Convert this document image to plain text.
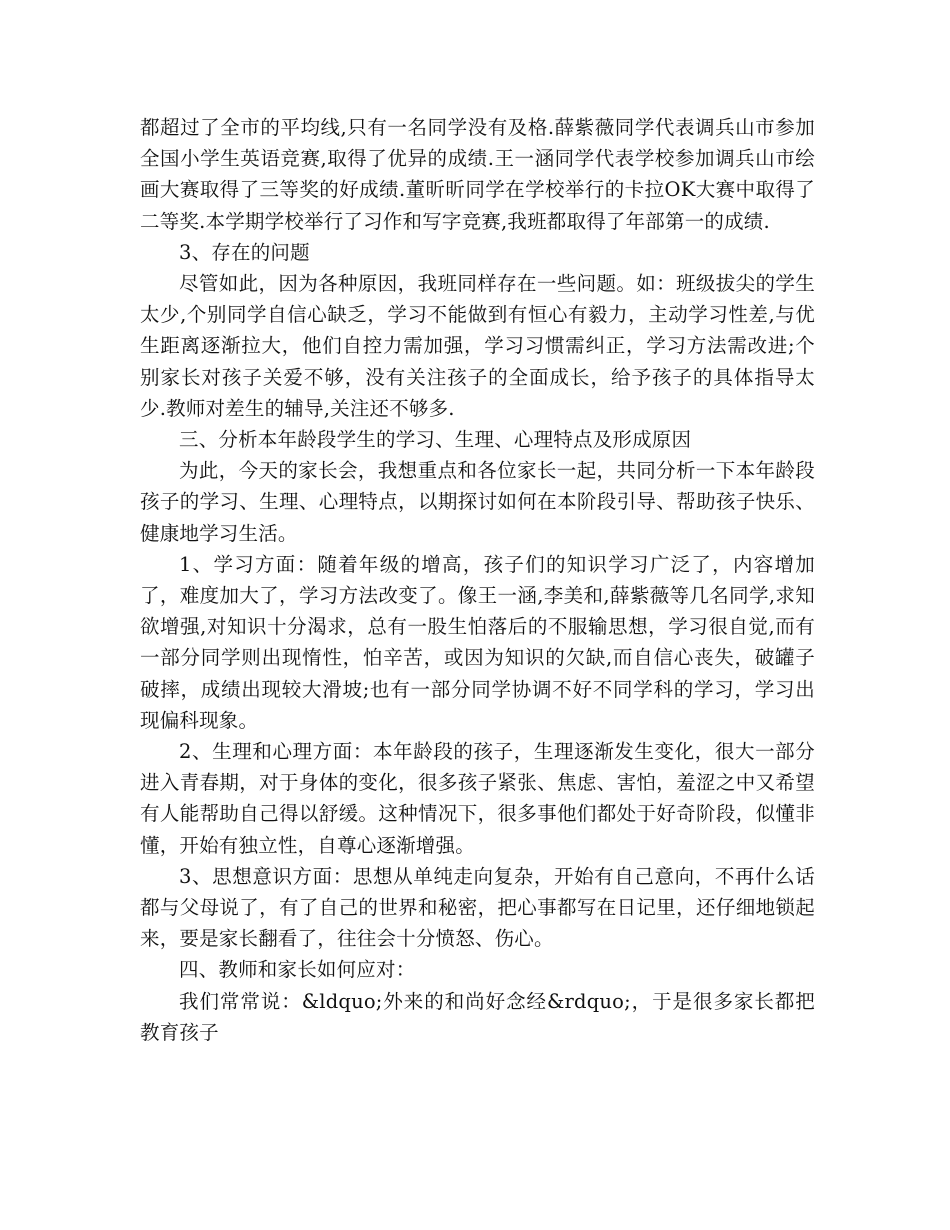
都超过了全市的平均线,只有一名同学没有及格.薛紫薇同学代表调兵山市参加全国小学生英语竞赛,取得了优异的成绩.王一涵同学代表学校参加调兵山市绘画大赛取得了三等奖的好成绩.董昕昕同学在学校举行的卡拉OK大赛中取得了二等奖.本学期学校举行了习作和写字竞赛,我班都取得了年部第一的成绩.

3、存在的问题

尽管如此，因为各种原因，我班同样存在一些问题。如：班级拔尖的学生太少,个别同学自信心缺乏，学习不能做到有恒心有毅力，主动学习性差,与优生距离逐渐拉大，他们自控力需加强，学习习惯需纠正，学习方法需改进;个别家长对孩子关爱不够，没有关注孩子的全面成长，给予孩子的具体指导太少.教师对差生的辅导,关注还不够多.

三、分析本年龄段学生的学习、生理、心理特点及形成原因

为此，今天的家长会，我想重点和各位家长一起，共同分析一下本年龄段孩子的学习、生理、心理特点，以期探讨如何在本阶段引导、帮助孩子快乐、健康地学习生活。

1、学习方面：随着年级的增高，孩子们的知识学习广泛了，内容增加了，难度加大了，学习方法改变了。像王一涵,李美和,薛紫薇等几名同学,求知欲增强,对知识十分渴求，总有一股生怕落后的不服输思想，学习很自觉,而有一部分同学则出现惰性，怕辛苦，或因为知识的欠缺,而自信心丧失，破罐子破摔，成绩出现较大滑坡;也有一部分同学协调不好不同学科的学习，学习出现偏科现象。

2、生理和心理方面：本年龄段的孩子，生理逐渐发生变化，很大一部分进入青春期，对于身体的变化，很多孩子紧张、焦虑、害怕，羞涩之中又希望有人能帮助自己得以舒缓。这种情况下，很多事他们都处于好奇阶段，似懂非懂，开始有独立性，自尊心逐渐增强。

3、思想意识方面：思想从单纯走向复杂，开始有自己意向，不再什么话都与父母说了，有了自己的世界和秘密，把心事都写在日记里，还仔细地锁起来，要是家长翻看了，往往会十分愤怒、伤心。

四、教师和家长如何应对：

我们常常说：&ldquo;外来的和尚好念经&rdquo;，于是很多家长都把教育孩子
